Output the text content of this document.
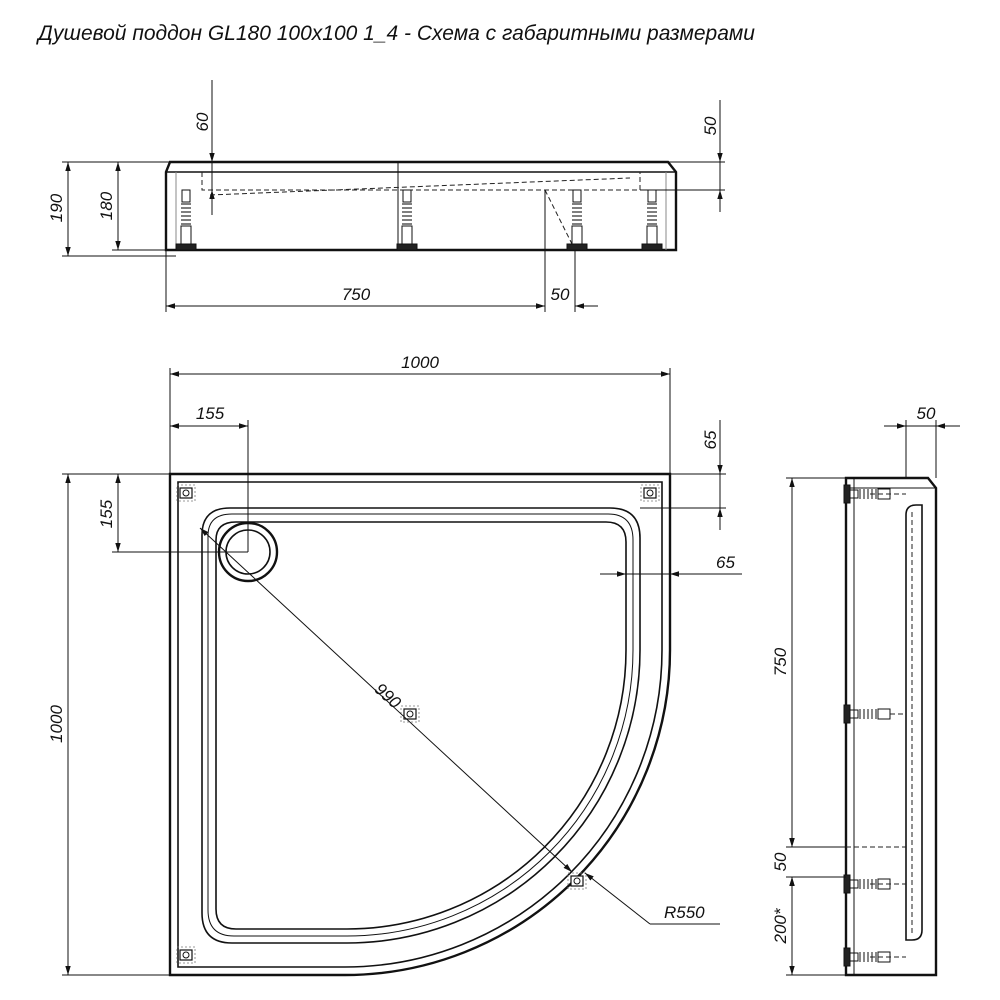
Душевой поддон GL180 100x100 1_4 - Схема с габаритными размерами
60	50
190 180
750	50
990
R550
1000
155
155
1000
65
65
50
750
50
200*
